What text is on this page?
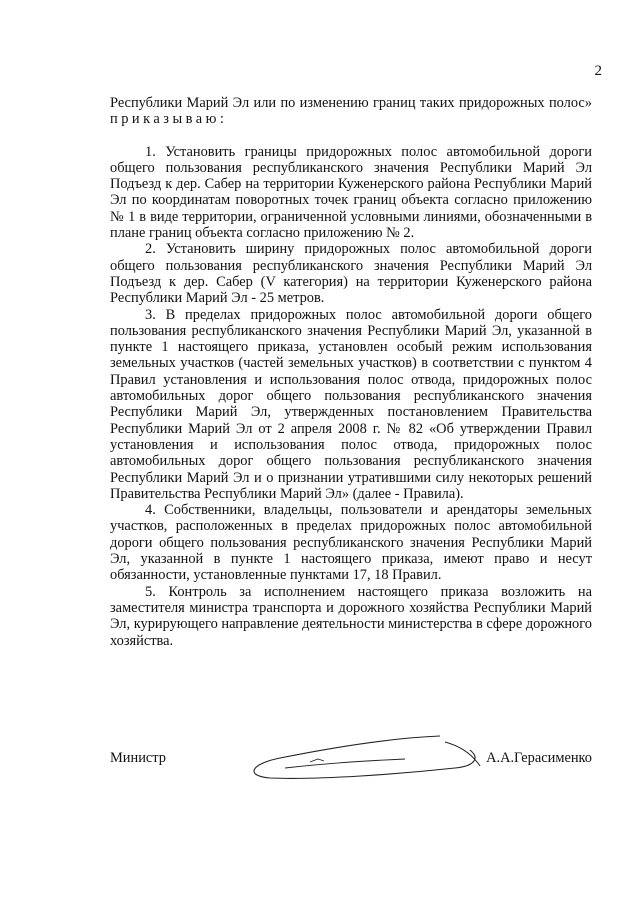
2

Республики Марий Эл или по изменению границ таких придорожных полос» приказываю:

1. Установить границы придорожных полос автомобильной дороги общего пользования республиканского значения Республики Марий Эл Подъезд к дер. Сабер на территории Куженерского района Республики Марий Эл по координатам поворотных точек границ объекта согласно приложению № 1 в виде территории, ограниченной условными линиями, обозначенными в плане границ объекта согласно приложению № 2.

2. Установить ширину придорожных полос автомобильной дороги общего пользования республиканского значения Республики Марий Эл Подъезд к дер. Сабер (V категория) на территории Куженерского района Республики Марий Эл - 25 метров.

3. В пределах придорожных полос автомобильной дороги общего пользования республиканского значения Республики Марий Эл, указанной в пункте 1 настоящего приказа, установлен особый режим использования земельных участков (частей земельных участков) в соответствии с пунктом 4 Правил установления и использования полос отвода, придорожных полос автомобильных дорог общего пользования республиканского значения Республики Марий Эл, утвержденных постановлением Правительства Республики Марий Эл от 2 апреля 2008 г. № 82 «Об утверждении Правил установления и использования полос отвода, придорожных полос автомобильных дорог общего пользования республиканского значения Республики Марий Эл и о признании утратившими силу некоторых решений Правительства Республики Марий Эл» (далее - Правила).

4. Собственники, владельцы, пользователи и арендаторы земельных участков, расположенных в пределах придорожных полос автомобильной дороги общего пользования республиканского значения Республики Марий Эл, указанной в пункте 1 настоящего приказа, имеют право и несут обязанности, установленные пунктами 17, 18 Правил.

5. Контроль за исполнением настоящего приказа возложить на заместителя министра транспорта и дорожного хозяйства Республики Марий Эл, курирующего направление деятельности министерства в сфере дорожного хозяйства.

Министр	А.А.Герасименко
